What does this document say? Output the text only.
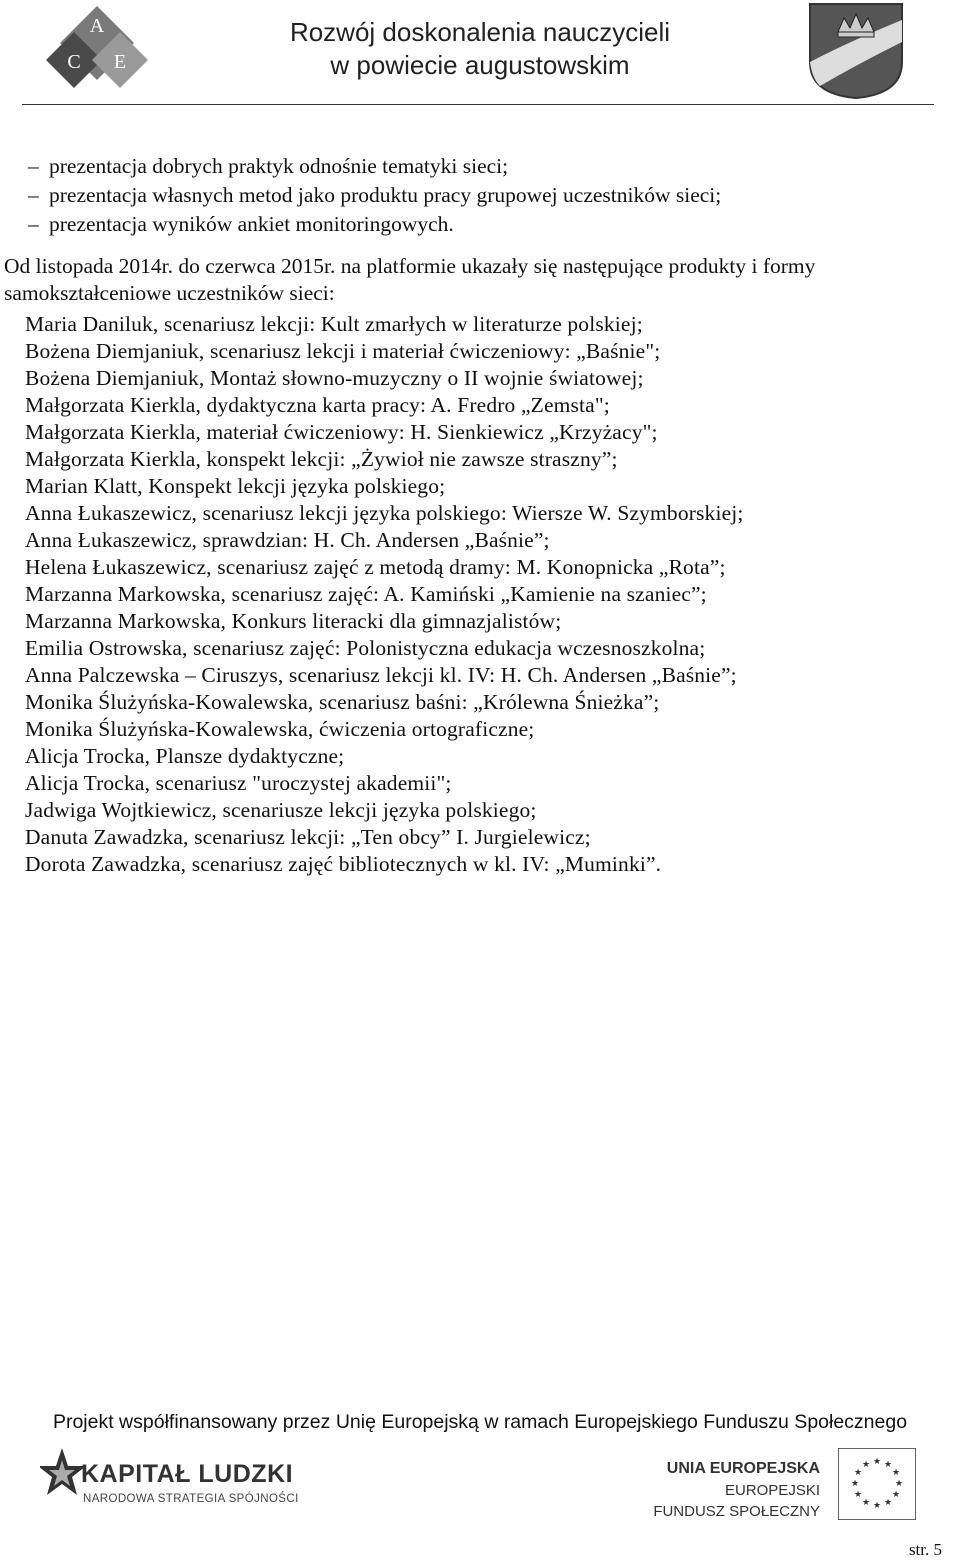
A
C E
Rozwój doskonalenia nauczycieli
w powiecie augustowskim
– prezentacja dobrych praktyk odnośnie tematyki sieci;
– prezentacja własnych metod jako produktu pracy grupowej uczestników sieci;
– prezentacja wyników ankiet monitoringowych.
Od listopada 2014r. do czerwca 2015r. na platformie ukazały się następujące produkty i formy
samokształceniowe uczestników sieci:
Maria Daniluk, scenariusz lekcji: Kult zmarłych w literaturze polskiej;
Bożena Diemjaniuk, scenariusz lekcji i materiał ćwiczeniowy: „Baśnie";
Bożena Diemjaniuk, Montaż słowno-muzyczny o II wojnie światowej;
Małgorzata Kierkla, dydaktyczna karta pracy: A. Fredro „Zemsta";
Małgorzata Kierkla, materiał ćwiczeniowy: H. Sienkiewicz „Krzyżacy";
Małgorzata Kierkla, konspekt lekcji: „Żywioł nie zawsze straszny”;
Marian Klatt, Konspekt lekcji języka polskiego;
Anna Łukaszewicz, scenariusz lekcji języka polskiego: Wiersze W. Szymborskiej;
Anna Łukaszewicz, sprawdzian: H. Ch. Andersen „Baśnie”;
Helena Łukaszewicz, scenariusz zajęć z metodą dramy: M. Konopnicka „Rota”;
Marzanna Markowska, scenariusz zajęć: A. Kamiński „Kamienie na szaniec”;
Marzanna Markowska, Konkurs literacki dla gimnazjalistów;
Emilia Ostrowska, scenariusz zajęć: Polonistyczna edukacja wczesnoszkolna;
Anna Palczewska – Ciruszys, scenariusz lekcji kl. IV: H. Ch. Andersen „Baśnie”;
Monika Ślużyńska-Kowalewska, scenariusz baśni: „Królewna Śnieżka”;
Monika Ślużyńska-Kowalewska, ćwiczenia ortograficzne;
Alicja Trocka, Plansze dydaktyczne;
Alicja Trocka, scenariusz "uroczystej akademii";
Jadwiga Wojtkiewicz, scenariusze lekcji języka polskiego;
Danuta Zawadzka, scenariusz lekcji: „Ten obcy” I. Jurgielewicz;
Dorota Zawadzka, scenariusz zajęć bibliotecznych w kl. IV: „Muminki”.
Projekt współfinansowany przez Unię Europejską w ramach Europejskiego Funduszu Społecznego
KAPITAŁ LUDZKI
NARODOWA STRATEGIA SPÓJNOŚCI
UNIA EUROPEJSKA
EUROPEJSKI
FUNDUSZ SPOŁECZNY
★ ★
★
★
★
★
★
★
★
★
★
★
str. 5
